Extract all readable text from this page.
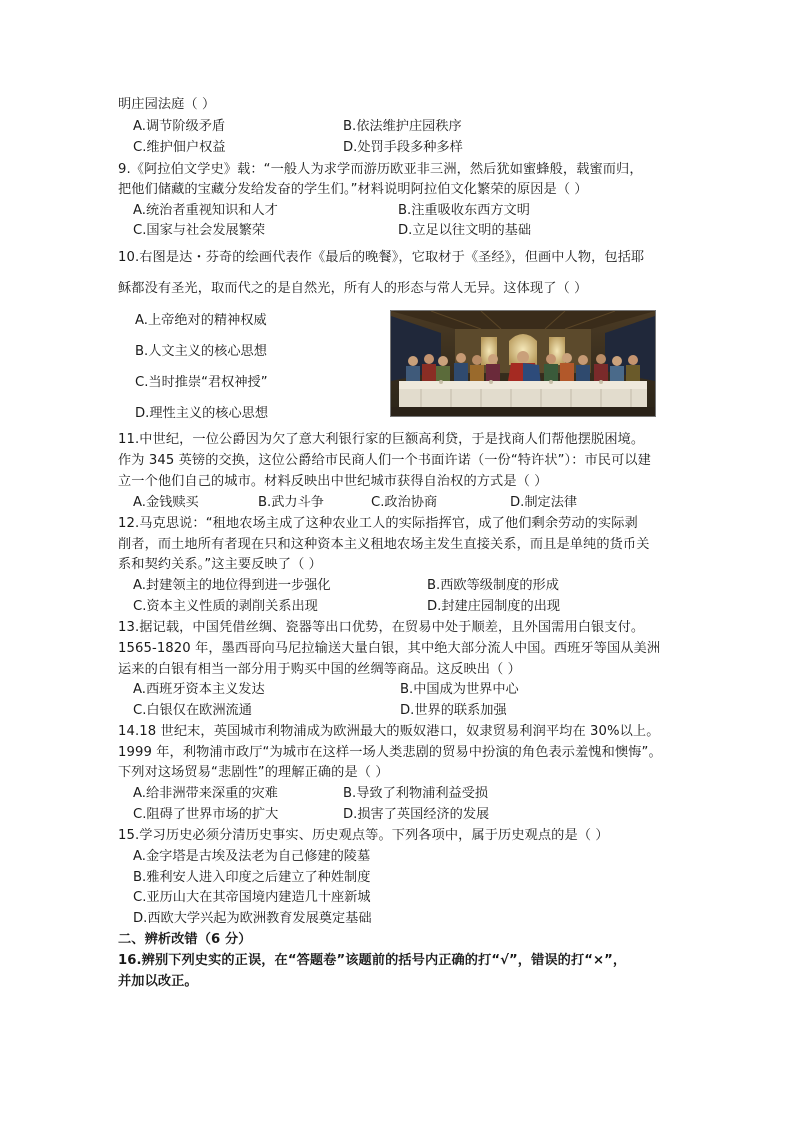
明庄园法庭（ ）
A.调节阶级矛盾	B.依法维护庄园秩序
C.维护佃户权益	D.处罚手段多种多样
9.《阿拉伯文学史》载：“一般人为求学而游历欧亚非三洲，然后犹如蜜蜂般，载蜜而归，
把他们储藏的宝藏分发给发奋的学生们。”材料说明阿拉伯文化繁荣的原因是（ ）
A.统治者重视知识和人才	B.注重吸收东西方文明
C.国家与社会发展繁荣	D.立足以往文明的基础
10.右图是达・芬奇的绘画代表作《最后的晚餐》，它取材于《圣经》，但画中人物，包括耶
稣都没有圣光，取而代之的是自然光，所有人的形态与常人无异。这体现了（ ）
A.上帝绝对的精神权威
B.人文主义的核心思想
C.当时推崇“君权神授”
D.理性主义的核心思想
11.中世纪，一位公爵因为欠了意大利银行家的巨额高利贷，于是找商人们帮他摆脱困境。
作为 345 英镑的交换，这位公爵给市民商人们一个书面许诺（一份“特许状”）：市民可以建
立一个他们自己的城市。材料反映出中世纪城市获得自治权的方式是（ ）
A.金钱赎买	B.武力斗争	C.政治协商	D.制定法律
12.马克思说：“租地农场主成了这种农业工人的实际指挥官，成了他们剩余劳动的实际剥
削者，而土地所有者现在只和这种资本主义租地农场主发生直接关系，而且是单纯的货币关
系和契约关系。”这主要反映了（ ）
A.封建领主的地位得到进一步强化	B.西欧等级制度的形成
C.资本主义性质的剥削关系出现	D.封建庄园制度的出现
13.据记载，中国凭借丝绸、瓷器等出口优势，在贸易中处于顺差，且外国需用白银支付。
1565-1820 年，墨西哥向马尼拉输送大量白银，其中绝大部分流人中国。西班牙等国从美洲
运来的白银有相当一部分用于购买中国的丝绸等商品。这反映出（ ）
A.西班牙资本主义发达	B.中国成为世界中心
C.白银仅在欧洲流通	D.世界的联系加强
14.18 世纪末，英国城市利物浦成为欧洲最大的贩奴港口，奴隶贸易利润平均在 30%以上。
1999 年，利物浦市政厅“为城市在这样一场人类悲剧的贸易中扮演的角色表示羞愧和懊悔”。
下列对这场贸易“悲剧性”的理解正确的是（ ）
A.给非洲带来深重的灾难	B.导致了利物浦利益受损
C.阻碍了世界市场的扩大	D.损害了英国经济的发展
15.学习历史必须分清历史事实、历史观点等。下列各项中，属于历史观点的是（ ）
A.金字塔是古埃及法老为自己修建的陵墓
B.雅利安人进入印度之后建立了种姓制度
C.亚历山大在其帝国境内建造几十座新城
D.西欧大学兴起为欧洲教育发展奠定基础
二、辨析改错（6 分）
16.辨别下列史实的正误，在“答题卷”该题前的括号内正确的打“√”，错误的打“×”，
并加以改正。
